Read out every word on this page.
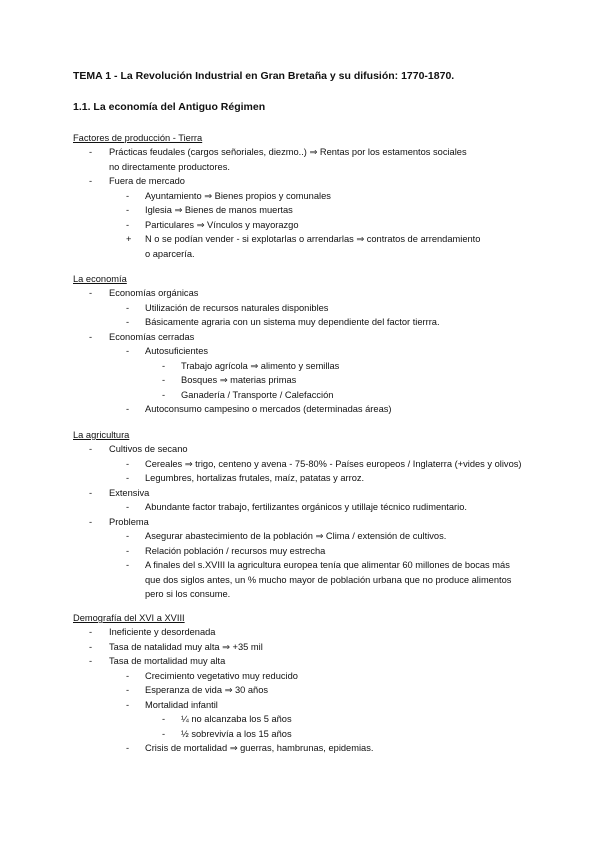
TEMA 1 - La Revolución Industrial en Gran Bretaña y su difusión: 1770-1870.
1.1. La economía del Antiguo Régimen
Factores de producción - Tierra
-	Prácticas feudales (cargos señoriales, diezmo..) ⇒ Rentas por los estamentos sociales
no directamente productores.
-	Fuera de mercado
-	Ayuntamiento ⇒ Bienes propios y comunales
-	Iglesia ⇒ Bienes de manos muertas
-	Particulares ⇒ Vínculos y mayorazgo
+	N o se podían vender - si explotarlas o arrendarlas ⇒ contratos de arrendamiento
o aparcería.
La economía
-	Economías orgánicas
-	Utilización de recursos naturales disponibles
-	Básicamente agraria con un sistema muy dependiente del factor tierrra.
-	Economías cerradas
-	Autosuficientes
-	Trabajo agrícola ⇒ alimento y semillas
-	Bosques ⇒ materias primas
-	Ganadería / Transporte / Calefacción
-	Autoconsumo campesino o mercados (determinadas áreas)
La agricultura
-	Cultivos de secano
-	Cereales ⇒ trigo, centeno y avena - 75-80% - Países europeos / Inglaterra (+vides y olivos)
-	Legumbres, hortalizas frutales, maíz, patatas y arroz.
-	Extensiva
-	Abundante factor trabajo, fertilizantes orgánicos y utillaje técnico rudimentario.
-	Problema
-	Asegurar abastecimiento de la población ⇒ Clima / extensión de cultivos.
-	Relación población / recursos muy estrecha
-	A finales del s.XVIII la agricultura europea tenía que alimentar 60 millones de bocas más
que dos siglos antes, un % mucho mayor de población urbana que no produce alimentos
pero si los consume.
Demografía del XVI a XVIII
-	Ineficiente y desordenada
-	Tasa de natalidad muy alta ⇒ +35 mil
-	Tasa de mortalidad muy alta
-	Crecimiento vegetativo muy reducido
-	Esperanza de vida ⇒ 30 años
-	Mortalidad infantil
-	¼ no alcanzaba los 5 años
-	½ sobrevivía a los 15 años
-	Crisis de mortalidad ⇒ guerras, hambrunas, epidemias.
